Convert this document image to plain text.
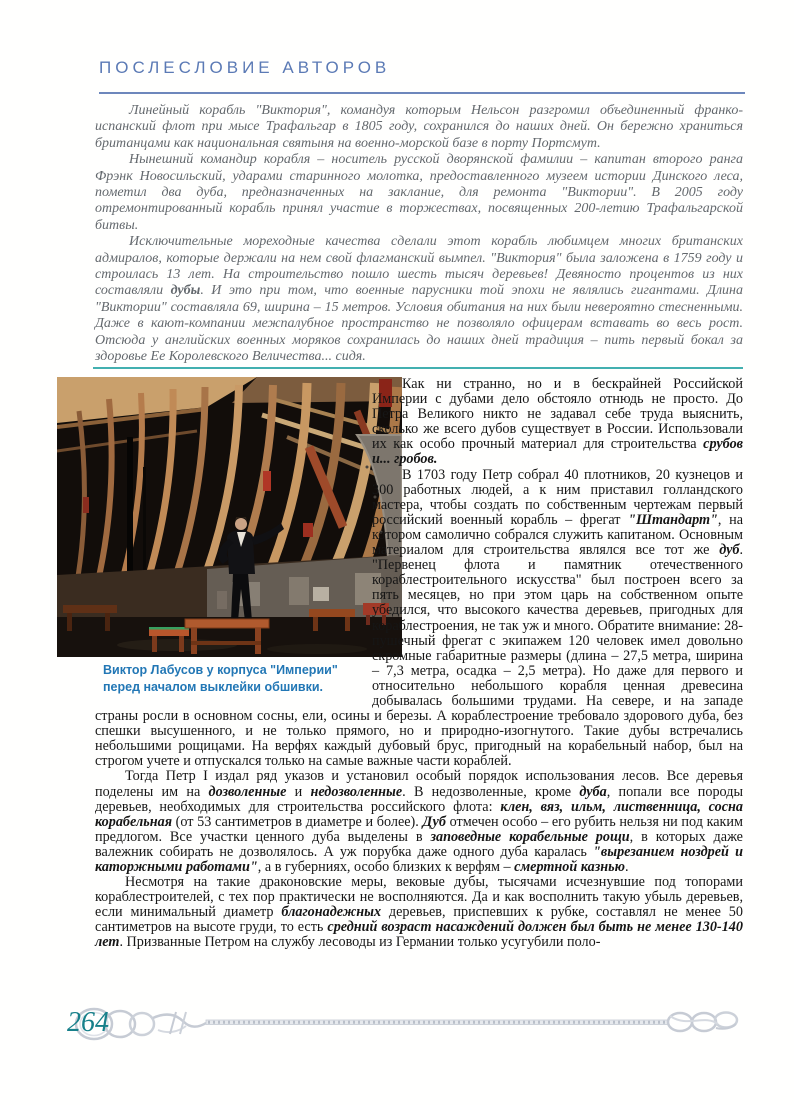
ПОСЛЕСЛОВИЕ АВТОРОВ

Линейный корабль "Виктория", командуя которым Нельсон разгромил объединенный франко-испанский флот при мысе Трафальгар в 1805 году, сохранился до наших дней. Он бережно храниться британцами как национальная святыня на военно-морской базе в порту Портсмут.

Нынешний командир корабля – носитель русской дворянской фамилии – капитан второго ранга Фрэнк Новосильский, ударами старинного молотка, предоставленного музеем истории Динского леса, пометил два дуба, предназначенных на заклание, для ремонта "Виктории". В 2005 году отремонтированный корабль принял участие в торжествах, посвященных 200-летию Трафальгарской битвы.

Исключительные мореходные качества сделали этот корабль любимцем многих британских адмиралов, которые держали на нем свой флагманский вымпел. "Виктория" была заложена в 1759 году и строилась 13 лет. На строительство пошло шесть тысяч деревьев! Девяносто процентов из них составляли дубы. И это при том, что военные парусники той эпохи не являлись гигантами. Длина "Виктории" составляла 69, ширина – 15 метров. Условия обитания на них были невероятно стесненными. Даже в кают-компании межпалубное пространство не позволяло офицерам вставать во весь рост. Отсюда у английских военных моряков сохранилась до наших дней традиция – пить первый бокал за здоровье Ее Королевского Величества... сидя.

Виктор Лабусов у корпуса "Империи" перед началом выклейки обшивки.

Как ни странно, но и в бескрайней Российской Империи с дубами дело обстояло отнюдь не просто. До Петра Великого никто не задавал себе труда выяснить, сколько же всего дубов существует в России. Использовали их как особо прочный материал для строительства срубов и... гробов.

В 1703 году Петр собрал 40 плотников, 20 кузнецов и 300 работных людей, а к ним приставил голландского мастера, чтобы создать по собственным чертежам первый российский военный корабль – фрегат "Штандарт", на котором самолично собрался служить капитаном. Основным материалом для строительства являлся все тот же дуб. "Первенец флота и памятник отечественного кораблестроительного искусства" был построен всего за пять месяцев, но при этом царь на собственном опыте убедился, что высокого качества деревьев, пригодных для кораблестроения, не так уж и много. Обратите внимание: 28-пушечный фрегат с экипажем 120 человек имел довольно скромные габаритные размеры (длина – 27,5 метра, ширина – 7,3 метра, осадка – 2,5 метра). Но даже для первого и относительно небольшого корабля ценная древесина добывалась большими трудами. На севере, и на западе страны росли в основном сосны, ели, осины и березы. А кораблестроение требовало здорового дуба, без спешки высушенного, и не только прямого, но и природно-изогнутого. Такие дубы встречались небольшими рощицами. На верфях каждый дубовый брус, пригодный на корабельный набор, был на строгом учете и отпускался только на самые важные части кораблей.

Тогда Петр I издал ряд указов и установил особый порядок использования лесов. Все деревья поделены им на дозволенные и недозволенные. В недозволенные, кроме дуба, попали все породы деревьев, необходимых для строительства российского флота: клен, вяз, ильм, лиственница, сосна корабельная (от 53 сантиметров в диаметре и более). Дуб отмечен особо – его рубить нельзя ни под каким предлогом. Все участки ценного дуба выделены в заповедные корабельные рощи, в которых даже валежник собирать не дозволялось. А уж порубка даже одного дуба каралась "вырезанием ноздрей и каторжными работами", а в губерниях, особо близких к верфям – смертной казнью.

Несмотря на такие драконовские меры, вековые дубы, тысячами исчезнувшие под топорами кораблестроителей, с тех пор практически не восполняются. Да и как восполнить такую убыль деревьев, если минимальный диаметр благонадежных деревьев, приспевших к рубке, составлял не менее 50 сантиметров на высоте груди, то есть средний возраст насаждений должен был быть не менее 130-140 лет. Призванные Петром на службу лесоводы из Германии только усугубили поло-

264
